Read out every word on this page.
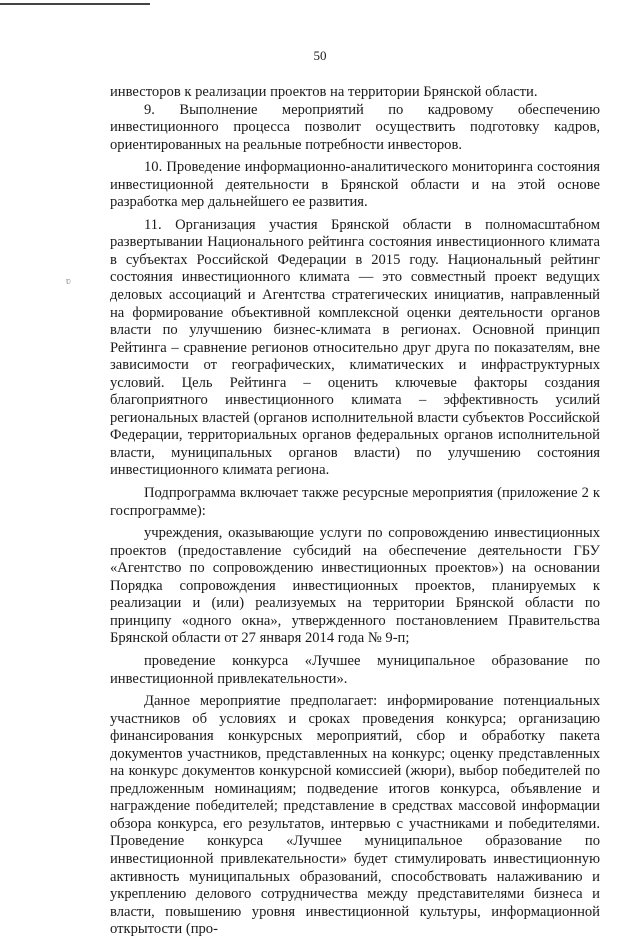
50
ʋ

инвесторов к реализации проектов на территории Брянской области.

9. Выполнение мероприятий по кадровому обеспечению инвестиционного процесса позволит осуществить подготовку кадров, ориентированных на реальные потребности инвесторов.

10. Проведение информационно-аналитического мониторинга состояния инвестиционной деятельности в Брянской области и на этой основе разработка мер дальнейшего ее развития.

11. Организация участия Брянской области в полномасштабном развертывании Национального рейтинга состояния инвестиционного климата в субъектах Российской Федерации в 2015 году. Национальный рейтинг состояния инвестиционного климата — это совместный проект ведущих деловых ассоциаций и Агентства стратегических инициатив, направленный на формирование объективной комплексной оценки деятельности органов власти по улучшению бизнес-климата в регионах. Основной принцип Рейтинга – сравнение регионов относительно друг друга по показателям, вне зависимости от географических, климатических и инфраструктурных условий. Цель Рейтинга – оценить ключевые факторы создания благоприятного инвестиционного климата – эффективность усилий региональных властей (органов исполнительной власти субъектов Российской Федерации, территориальных органов федеральных органов исполнительной власти, муниципальных органов власти) по улучшению состояния инвестиционного климата региона.

Подпрограмма включает также ресурсные мероприятия (приложение 2 к госпрограмме):

учреждения, оказывающие услуги по сопровождению инвестиционных проектов (предоставление субсидий на обеспечение деятельности ГБУ «Агентство по сопровождению инвестиционных проектов») на основании Порядка сопровождения инвестиционных проектов, планируемых к реализации и (или) реализуемых на территории Брянской области по принципу «одного окна», утвержденного постановлением Правительства Брянской области от 27 января 2014 года № 9-п;

проведение конкурса «Лучшее муниципальное образование по инвестиционной привлекательности».

Данное мероприятие предполагает: информирование потенциальных участников об условиях и сроках проведения конкурса; организацию финансирования конкурсных мероприятий, сбор и обработку пакета документов участников, представленных на конкурс; оценку представленных на конкурс документов конкурсной комиссией (жюри), выбор победителей по предложенным номинациям; подведение итогов конкурса, объявление и награждение победителей; представление в средствах массовой информации обзора конкурса, его результатов, интервью с участниками и победителями. Проведение конкурса «Лучшее муниципальное образование по инвестиционной привлекательности» будет стимулировать инвестиционную активность муниципальных образований, способствовать налаживанию и укреплению делового сотрудничества между представителями бизнеса и власти, повышению уровня инвестиционной культуры, информационной открытости (про-
